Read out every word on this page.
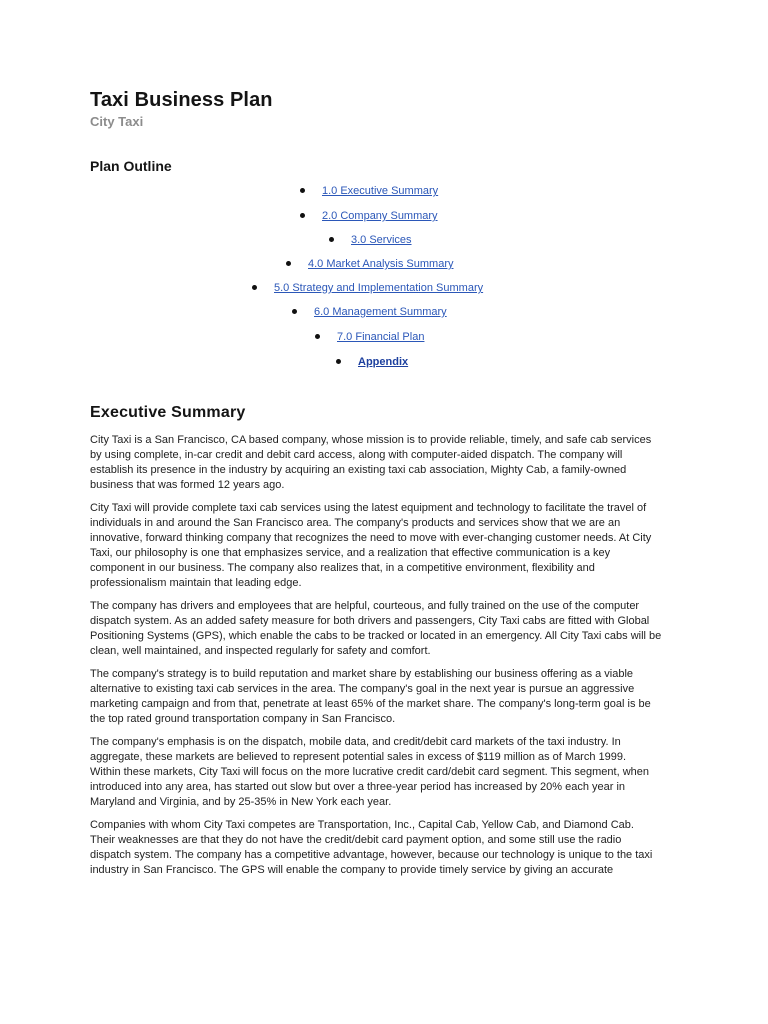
Taxi Business Plan
City Taxi
Plan Outline
1.0 Executive Summary
2.0 Company Summary
3.0 Services
4.0 Market Analysis Summary
5.0 Strategy and Implementation Summary
6.0 Management Summary
7.0 Financial Plan
Appendix
Executive Summary

City Taxi is a San Francisco, CA based company, whose mission is to provide reliable, timely, and safe cab services
by using complete, in-car credit and debit card access, along with computer-aided dispatch. The company will
establish its presence in the industry by acquiring an existing taxi cab association, Mighty Cab, a family-owned
business that was formed 12 years ago.

City Taxi will provide complete taxi cab services using the latest equipment and technology to facilitate the travel of
individuals in and around the San Francisco area. The company's products and services show that we are an
innovative, forward thinking company that recognizes the need to move with ever-changing customer needs. At City
Taxi, our philosophy is one that emphasizes service, and a realization that effective communication is a key
component in our business. The company also realizes that, in a competitive environment, flexibility and
professionalism maintain that leading edge.

The company has drivers and employees that are helpful, courteous, and fully trained on the use of the computer
dispatch system. As an added safety measure for both drivers and passengers, City Taxi cabs are fitted with Global
Positioning Systems (GPS), which enable the cabs to be tracked or located in an emergency. All City Taxi cabs will be
clean, well maintained, and inspected regularly for safety and comfort.

The company's strategy is to build reputation and market share by establishing our business offering as a viable
alternative to existing taxi cab services in the area. The company's goal in the next year is pursue an aggressive
marketing campaign and from that, penetrate at least 65% of the market share. The company's long-term goal is be
the top rated ground transportation company in San Francisco.

The company's emphasis is on the dispatch, mobile data, and credit/debit card markets of the taxi industry. In
aggregate, these markets are believed to represent potential sales in excess of $119 million as of March 1999.
Within these markets, City Taxi will focus on the more lucrative credit card/debit card segment. This segment, when
introduced into any area, has started out slow but over a three-year period has increased by 20% each year in
Maryland and Virginia, and by 25-35% in New York each year.

Companies with whom City Taxi competes are Transportation, Inc., Capital Cab, Yellow Cab, and Diamond Cab.
Their weaknesses are that they do not have the credit/debit card payment option, and some still use the radio
dispatch system. The company has a competitive advantage, however, because our technology is unique to the taxi
industry in San Francisco. The GPS will enable the company to provide timely service by giving an accurate
